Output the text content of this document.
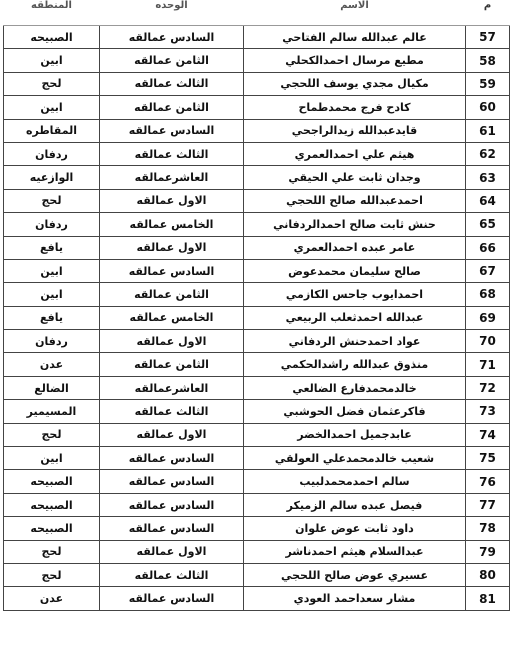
م	الاسم	الوحده	المنطقه
57	عالم عبدالله سالم الفتاحي	السادس عمالقه	الصبيحه
58	مطيع مرسال احمدالكحلي	الثامن عمالقه	ابين
59	مكيال مجدي يوسف اللحجي	الثالث عمالقه	لحج
60	كادح فرج محمدطماح	الثامن عمالقه	ابين
61	قايدعبدالله زيدالراجحي	السادس عمالقه	المقاطره
62	هيثم علي احمدالعمري	الثالث عمالقه	ردفان
63	وجدان ثابت علي الحيقي	العاشرعمالقه	الوازعيه
64	احمدعبدالله صالح اللحجي	الاول عمالقه	لحج
65	حنش ثابت صالح احمدالردفاني	الخامس عمالقه	ردفان
66	عامر عبده احمدالعمري	الاول عمالقه	يافع
67	صالح سليمان محمدعوض	السادس عمالقه	ابين
68	احمدايوب جاحس الكازمي	الثامن عمالقه	ابين
69	عبدالله احمدثعلب الربيعي	الخامس عمالقه	يافع
70	عواد احمدحنش الردفاني	الاول عمالقه	ردفان
71	منذوق عبدالله راشدالحكمي	الثامن عمالقه	عدن
72	خالدمحمدفارع الضالعي	العاشرعمالقه	الضالع
73	فاكرعثمان فضل الحوشبي	الثالث عمالقه	المسيمير
74	عابدجميل احمدالخضر	الاول عمالقه	لحج
75	شعيب خالدمحمدعلي العولقي	السادس عمالقه	ابين
76	سالم احمدمحمدلبيب	السادس عمالقه	الصبيحه
77	فيصل عبده سالم الزميكر	السادس عمالقه	الصبيحه
78	داود ثابت عوض علوان	السادس عمالقه	الصبيحه
79	عبدالسلام هيثم احمدناشر	الاول عمالقه	لحج
80	عسيري عوض صالح اللحجي	الثالث عمالقه	لحج
81	مشار سعداحمد العودي	السادس عمالقه	عدن
